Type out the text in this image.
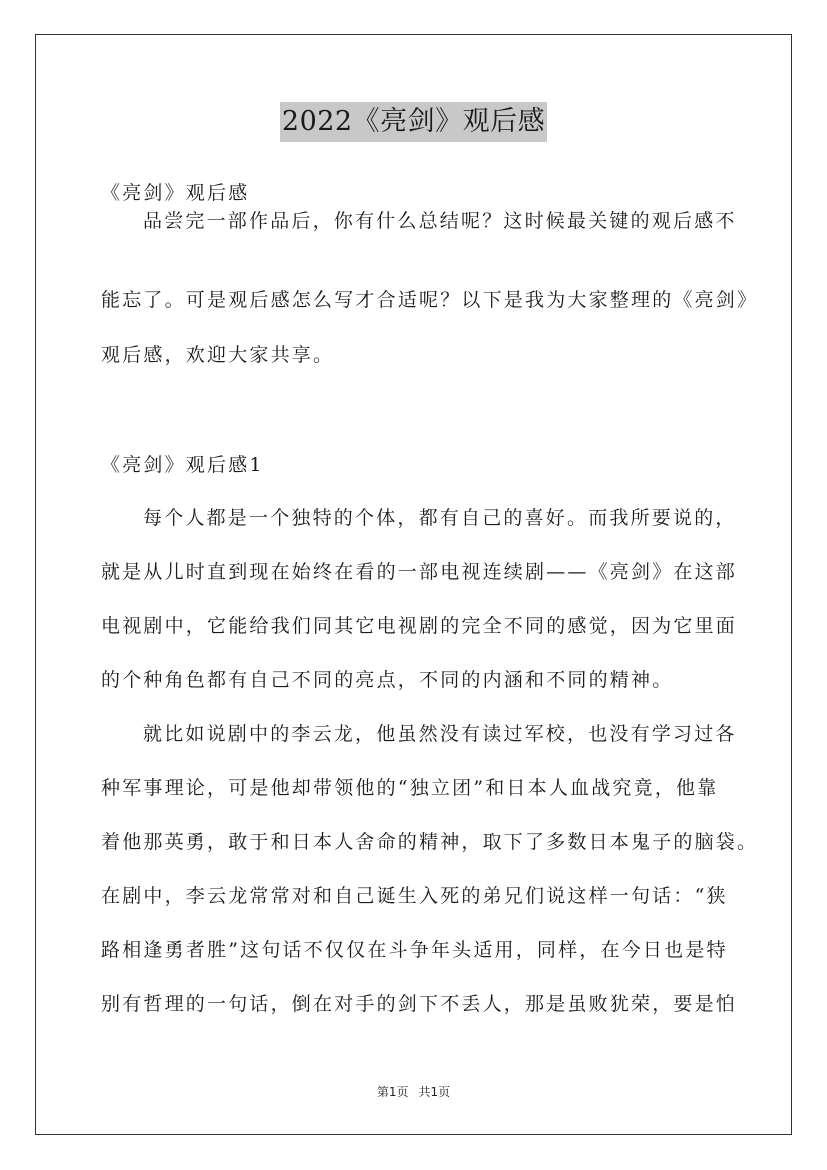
2022《亮剑》观后感
《亮剑》观后感
品尝完一部作品后，你有什么总结呢？这时候最关键的观后感不
能忘了。可是观后感怎么写才合适呢？以下是我为大家整理的《亮剑》
观后感，欢迎大家共享。
《亮剑》观后感1
每个人都是一个独特的个体，都有自己的喜好。而我所要说的，
就是从儿时直到现在始终在看的一部电视连续剧——《亮剑》在这部
电视剧中，它能给我们同其它电视剧的完全不同的感觉，因为它里面
的个种角色都有自己不同的亮点，不同的内涵和不同的精神。
就比如说剧中的李云龙，他虽然没有读过军校，也没有学习过各
种军事理论，可是他却带领他的“独立团”和日本人血战究竟，他靠
着他那英勇，敢于和日本人舍命的精神，取下了多数日本鬼子的脑袋。
在剧中，李云龙常常对和自己诞生入死的弟兄们说这样一句话：“狭
路相逢勇者胜”这句话不仅仅在斗争年头适用，同样，在今日也是特
别有哲理的一句话，倒在对手的剑下不丢人，那是虽败犹荣，要是怕
第1页 共1页
